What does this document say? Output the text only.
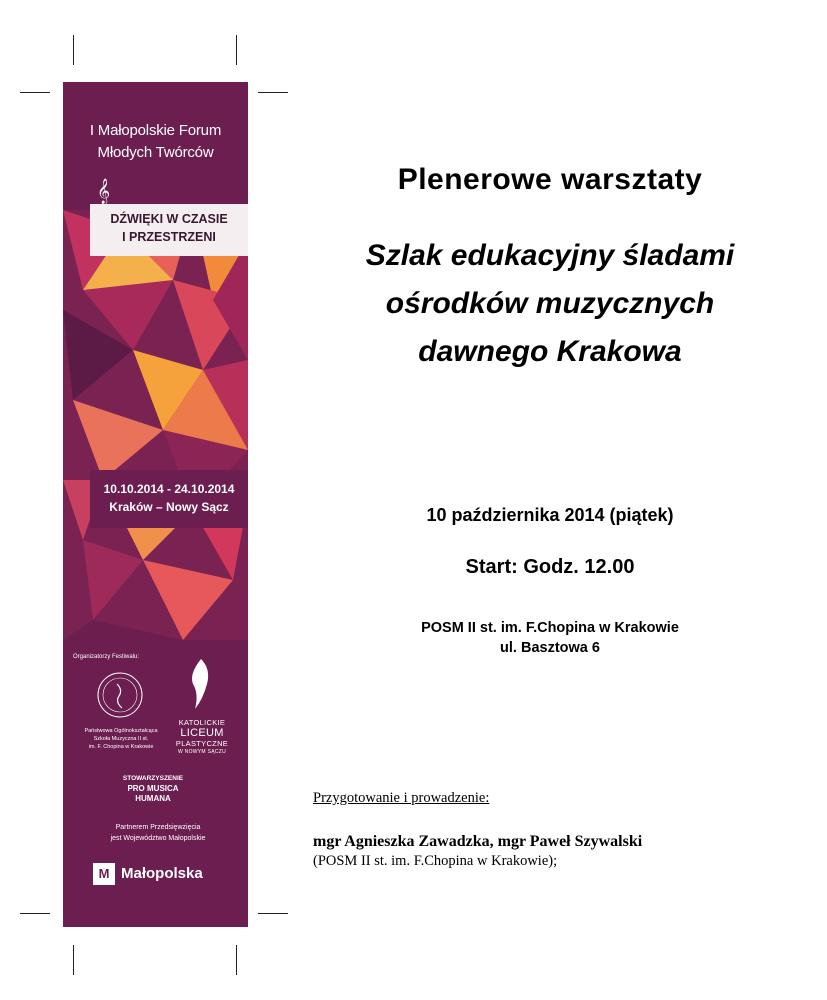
I Małopolskie Forum
Młodych Twórców
𝄞
DŹWIĘKI W CZASIE
I PRZESTRZENI
10.10.2014 - 24.10.2014
Kraków – Nowy Sącz
Organizatorzy Festiwalu:
Państwowa Ogólnokształcąca
Szkoła Muzyczna II st.
im. F. Chopina w Krakowie
KATOLICKIE
LICEUM
PLASTYCZNE
W NOWYM SĄCZU
STOWARZYSZENIE
PRO MUSICA
HUMANA
Partnerem Przedsięwzięcia
jest Województwo Małopolskie
M Małopolska
Plenerowe warsztaty
Szlak edukacyjny śladami
ośrodków muzycznych
dawnego Krakowa
10 października 2014 (piątek)
Start: Godz. 12.00
POSM II st. im. F.Chopina w Krakowie
ul. Basztowa 6
Przygotowanie i prowadzenie:
mgr Agnieszka Zawadzka, mgr Paweł Szywalski
(POSM II st. im. F.Chopina w Krakowie);
